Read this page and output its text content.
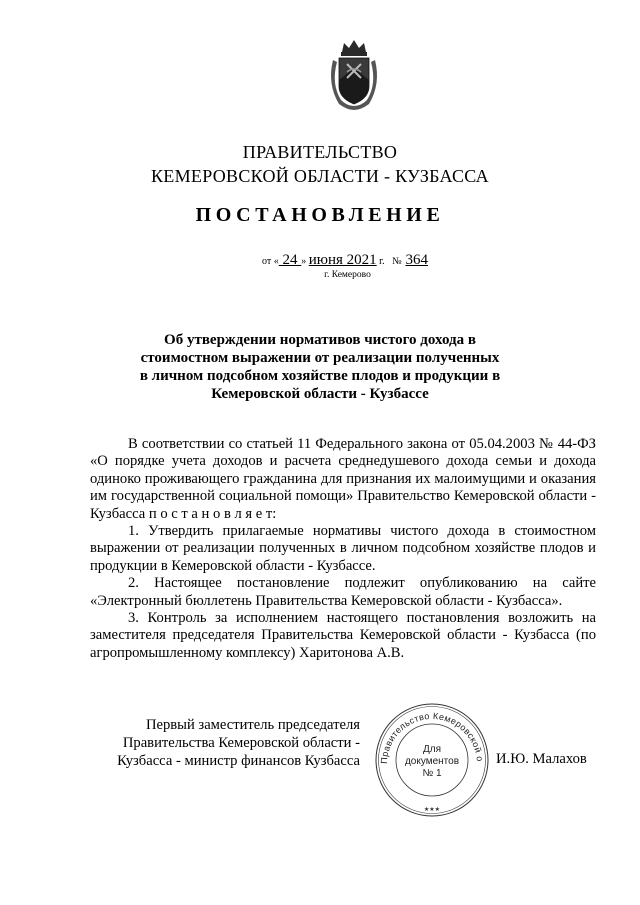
ПРАВИТЕЛЬСТВО
КЕМЕРОВСКОЙ ОБЛАСТИ - КУЗБАССА
ПОСТАНОВЛЕНИЕ
от « 24 » июня 2021 г. № 364
г. Кемерово
Об утверждении нормативов чистого дохода в
стоимостном выражении от реализации полученных
в личном подсобном хозяйстве плодов и продукции в
Кемеровской области - Кузбассе

В соответствии со статьей 11 Федерального закона от 05.04.2003 № 44-ФЗ «О порядке учета доходов и расчета среднедушевого дохода семьи и дохода одиноко проживающего гражданина для признания их малоимущими и оказания им государственной социальной помощи» Правительство Кемеровской области - Кузбасса п о с т а н о в л я е т:

1. Утвердить прилагаемые нормативы чистого дохода в стоимостном выражении от реализации полученных в личном подсобном хозяйстве плодов и продукции в Кемеровской области - Кузбассе.

2. Настоящее постановление подлежит опубликованию на сайте «Электронный бюллетень Правительства Кемеровской области - Кузбасса».

3. Контроль за исполнением настоящего постановления возложить на заместителя председателя Правительства Кемеровской области - Кузбасса (по агропромышленному комплексу) Харитонова А.В.

Первый заместитель председателя
Правительства Кемеровской области -
Кузбасса - министр финансов Кузбасса	Правительство Кемеровской о
★★★
Для
документов
№ 1
И.Ю. Малахов
